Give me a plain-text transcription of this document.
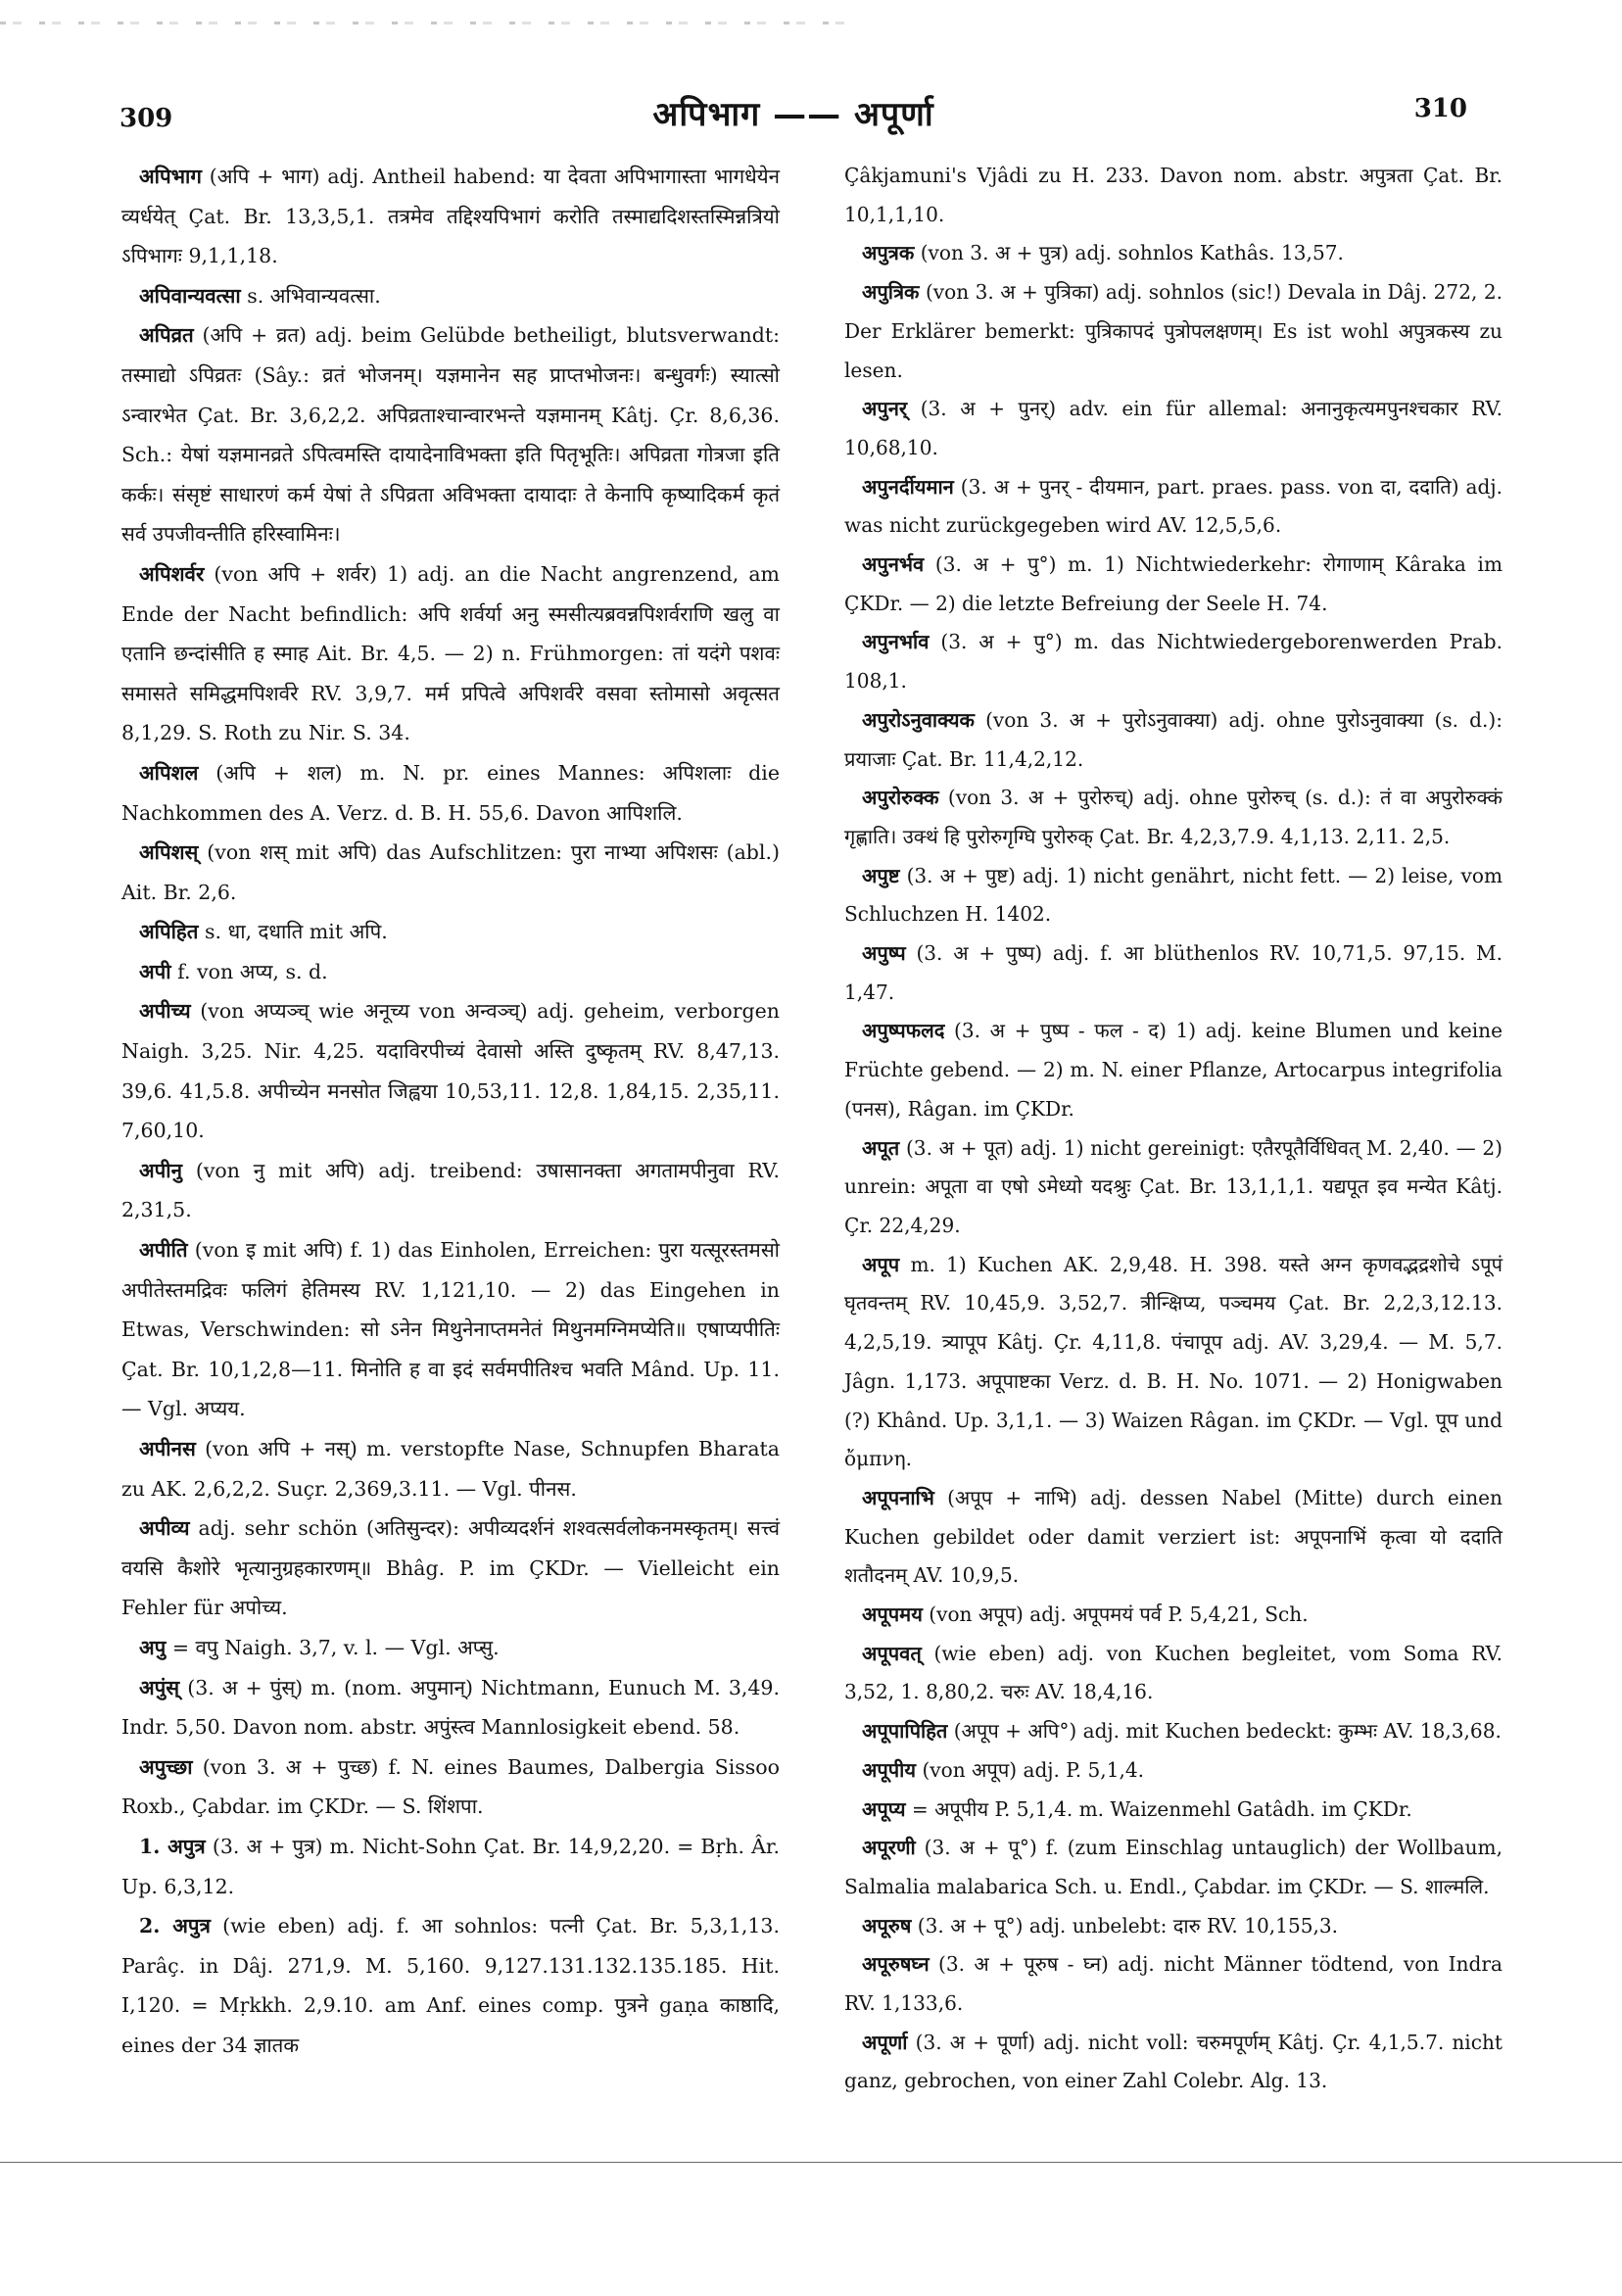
309	अपिभाग —— अपूर्णा	310

अपिभाग (अपि + भाग) adj. Antheil habend: या देवता अपिभागास्ता भागधेयेन व्यर्धयेत् Çat. Br. 13,3,5,1. तत्रमेव तद्दिश्यपिभागं करोति तस्माद्यदिशस्तस्मिन्नत्रियो ऽपिभागः 9,1,1,18.

अपिवान्यवत्सा s. अभिवान्यवत्सा.

अपिव्रत (अपि + व्रत) adj. beim Gelübde betheiligt, blutsverwandt: तस्माद्यो ऽपिव्रतः (Sây.: व्रतं भोजनम्। यज्ञमानेन सह प्राप्तभोजनः। बन्धुवर्गः) स्यात्सो ऽन्वारभेत Çat. Br. 3,6,2,2. अपिव्रताश्चान्वारभन्ते यज्ञमानम् Kâtj. Çr. 8,6,36. Sch.: येषां यज्ञमानव्रते ऽपित्वमस्ति दायादेनाविभक्ता इति पितृभूतिः। अपिव्रता गोत्रजा इति कर्कः। संसृष्टं साधारणं कर्म येषां ते ऽपिव्रता अविभक्ता दायादाः ते केनापि कृष्यादिकर्म कृतं सर्व उपजीवन्तीति हरिस्वामिनः।

अपिशर्वर (von अपि + शर्वर) 1) adj. an die Nacht angrenzend, am Ende der Nacht befindlich: अपि शर्वर्या अनु स्मसीत्यब्रवन्नपिशर्वराणि खलु वा एतानि छन्दांसीति ह स्माह Ait. Br. 4,5. — 2) n. Frühmorgen: तां यदंगे पशवः समासते समिद्धमपिशर्वरे RV. 3,9,7. मर्म प्रपित्वे अपिशर्वरे वसवा स्तोमासो अवृत्सत 8,1,29. S. Roth zu Nir. S. 34.

अपिशल (अपि + शल) m. N. pr. eines Mannes: अपिशलाः die Nachkommen des A. Verz. d. B. H. 55,6. Davon आपिशलि.

अपिशस् (von शस् mit अपि) das Aufschlitzen: पुरा नाभ्या अपिशसः (abl.) Ait. Br. 2,6.

अपिहित s. धा, दधाति mit अपि.

अपी f. von अप्य, s. d.

अपीच्य (von अप्यञ्च् wie अनूच्य von अन्वञ्च्) adj. geheim, verborgen Naigh. 3,25. Nir. 4,25. यदाविरपीच्यं देवासो अस्ति दुष्कृतम् RV. 8,47,13. 39,6. 41,5.8. अपीच्येन मनसोत जिह्वया 10,53,11. 12,8. 1,84,15. 2,35,11. 7,60,10.

अपीनु (von नु mit अपि) adj. treibend: उषासानक्ता अगतामपीनुवा RV. 2,31,5.

अपीति (von इ mit अपि) f. 1) das Einholen, Erreichen: पुरा यत्सूरस्तमसो अपीतेस्तमद्रिवः फलिगं हेतिमस्य RV. 1,121,10. — 2) das Eingehen in Etwas, Verschwinden: सो ऽनेन मिथुनेनाप्तमनेतं मिथुनमग्निमप्येति॥ एषाप्यपीतिः Çat. Br. 10,1,2,8—11. मिनोति ह वा इदं सर्वमपीतिश्च भवति Mând. Up. 11. — Vgl. अप्यय.

अपीनस (von अपि + नस्) m. verstopfte Nase, Schnupfen Bharata zu AK. 2,6,2,2. Suçr. 2,369,3.11. — Vgl. पीनस.

अपीव्य adj. sehr schön (अतिसुन्दर): अपीव्यदर्शनं शश्वत्सर्वलोकनमस्कृतम्। सत्त्वं वयसि कैशोरे भृत्यानुग्रहकारणम्॥ Bhâg. P. im ÇKDr. — Vielleicht ein Fehler für अपोच्य.

अपु = वपु Naigh. 3,7, v. l. — Vgl. अप्सु.

अपुंस् (3. अ + पुंस्) m. (nom. अपुमान्) Nichtmann, Eunuch M. 3,49. Indr. 5,50. Davon nom. abstr. अपुंस्त्व Mannlosigkeit ebend. 58.

अपुच्छा (von 3. अ + पुच्छ) f. N. eines Baumes, Dalbergia Sissoo Roxb., Çabdar. im ÇKDr. — S. शिंशपा.

1. अपुत्र (3. अ + पुत्र) m. Nicht-Sohn Çat. Br. 14,9,2,20. = Bṛh. Âr. Up. 6,3,12.

2. अपुत्र (wie eben) adj. f. आ sohnlos: पत्नी Çat. Br. 5,3,1,13. Parâç. in Dâj. 271,9. M. 5,160. 9,127.131.132.135.185. Hit. I,120. = Mṛkkh. 2,9.10. am Anf. eines comp. पुत्रने gaṇa काष्ठादि, eines der 34 ज्ञातक

Çâkjamuni's Vjâdi zu H. 233. Davon nom. abstr. अपुत्रता Çat. Br. 10,1,1,10.

अपुत्रक (von 3. अ + पुत्र) adj. sohnlos Kathâs. 13,57.

अपुत्रिक (von 3. अ + पुत्रिका) adj. sohnlos (sic!) Devala in Dâj. 272, 2. Der Erklärer bemerkt: पुत्रिकापदं पुत्रोपलक्षणम्। Es ist wohl अपुत्रकस्य zu lesen.

अपुनर् (3. अ + पुनर्) adv. ein für allemal: अनानुकृत्यमपुनश्चकार RV. 10,68,10.

अपुनर्दीयमान (3. अ + पुनर् - दीयमान, part. praes. pass. von दा, ददाति) adj. was nicht zurückgegeben wird AV. 12,5,5,6.

अपुनर्भव (3. अ + पु°) m. 1) Nichtwiederkehr: रोगाणाम् Kâraka im ÇKDr. — 2) die letzte Befreiung der Seele H. 74.

अपुनर्भाव (3. अ + पु°) m. das Nichtwiedergeborenwerden Prab. 108,1.

अपुरोऽनुवाक्यक (von 3. अ + पुरोऽनुवाक्या) adj. ohne पुरोऽनुवाक्या (s. d.): प्रयाजाः Çat. Br. 11,4,2,12.

अपुरोरुक्क (von 3. अ + पुरोरुच्) adj. ohne पुरोरुच् (s. d.): तं वा अपुरोरुक्कं गृह्णाति। उक्थं हि पुरोरुगृग्घि पुरोरुक् Çat. Br. 4,2,3,7.9. 4,1,13. 2,11. 2,5.

अपुष्ट (3. अ + पुष्ट) adj. 1) nicht genährt, nicht fett. — 2) leise, vom Schluchzen H. 1402.

अपुष्प (3. अ + पुष्प) adj. f. आ blüthenlos RV. 10,71,5. 97,15. M. 1,47.

अपुष्पफलद (3. अ + पुष्प - फल - द) 1) adj. keine Blumen und keine Früchte gebend. — 2) m. N. einer Pflanze, Artocarpus integrifolia (पनस), Râgan. im ÇKDr.

अपूत (3. अ + पूत) adj. 1) nicht gereinigt: एतैरपूतैर्विधिवत् M. 2,40. — 2) unrein: अपूता वा एषो ऽमेध्यो यदश्रुः Çat. Br. 13,1,1,1. यद्यपूत इव मन्येत Kâtj. Çr. 22,4,29.

अपूप m. 1) Kuchen AK. 2,9,48. H. 398. यस्ते अग्न कृणवद्भद्रशोचे ऽपूपं घृतवन्तम् RV. 10,45,9. 3,52,7. त्रीन्क्षिप्य, पञ्चमय Çat. Br. 2,2,3,12.13. 4,2,5,19. त्र्यापूप Kâtj. Çr. 4,11,8. पंचापूप adj. AV. 3,29,4. — M. 5,7. Jâgn. 1,173. अपूपाष्टका Verz. d. B. H. No. 1071. — 2) Honigwaben (?) Khând. Up. 3,1,1. — 3) Waizen Râgan. im ÇKDr. — Vgl. पूप und ὄμπνη.

अपूपनाभि (अपूप + नाभि) adj. dessen Nabel (Mitte) durch einen Kuchen gebildet oder damit verziert ist: अपूपनाभिं कृत्वा यो ददाति शतौदनम् AV. 10,9,5.

अपूपमय (von अपूप) adj. अपूपमयं पर्व P. 5,4,21, Sch.

अपूपवत् (wie eben) adj. von Kuchen begleitet, vom Soma RV. 3,52, 1. 8,80,2. चरुः AV. 18,4,16.

अपूपापिहित (अपूप + अपि°) adj. mit Kuchen bedeckt: कुम्भः AV. 18,3,68.

अपूपीय (von अपूप) adj. P. 5,1,4.

अपूप्य = अपूपीय P. 5,1,4. m. Waizenmehl Gatâdh. im ÇKDr.

अपूरणी (3. अ + पू°) f. (zum Einschlag untauglich) der Wollbaum, Salmalia malabarica Sch. u. Endl., Çabdar. im ÇKDr. — S. शाल्मलि.

अपूरुष (3. अ + पू°) adj. unbelebt: दारु RV. 10,155,3.

अपूरुषघ्न (3. अ + पूरुष - घ्न) adj. nicht Männer tödtend, von Indra RV. 1,133,6.

अपूर्णा (3. अ + पूर्णा) adj. nicht voll: चरुमपूर्णम् Kâtj. Çr. 4,1,5.7. nicht ganz, gebrochen, von einer Zahl Colebr. Alg. 13.
